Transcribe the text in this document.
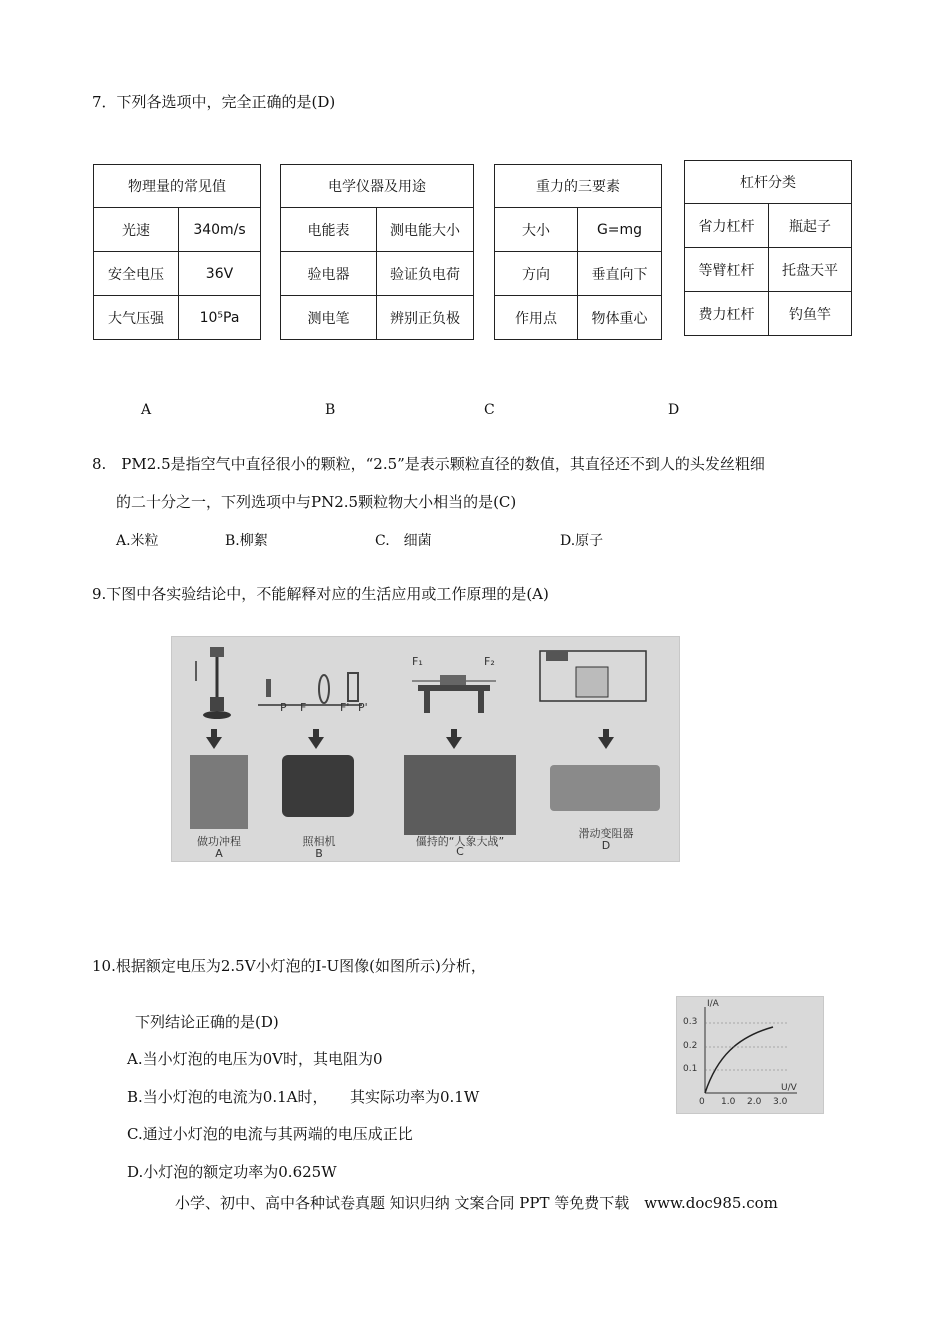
7．下列各选项中，完全正确的是(D)
物理量的常见值	
光速	340m/s
安全电压	36V
大气压强	10⁵Pa
电学仪器及用途	
电能表	测电能大小
验电器	验证负电荷
测电笔	辨别正负极
重力的三要素	
大小	G=mg
方向	垂直向下
作用点	物体重心
杠杆分类	
省力杠杆	瓶起子
等臂杠杆	托盘天平
费力杠杆	钓鱼竿
A	B	C	D
8.　PM2.5是指空气中直径很小的颗粒，“2.5”是表示颗粒直径的数值，其直径还不到人的头发丝粗细
的二十分之一，下列选项中与PN2.5颗粒物大小相当的是(C)
A.米粒	B.柳絮	C.　细菌	D.原子
9.下图中各实验结论中，不能解释对应的生活应用或工作原理的是(A)
P F	F' P'
F₁	F₂
做功冲程	照相机	僵持的“人象大战”
滑动变阻器
A	B	C	D
10.根据额定电压为2.5V小灯泡的I-U图像(如图所示)分析，
下列结论正确的是(D)
A.当小灯泡的电压为0V时，其电阻为0
B.当小灯泡的电流为0.1A时，　　其实际功率为0.1W
C.通过小灯泡的电流与其两端的电压成正比
D.小灯泡的额定功率为0.625W
I/A
U/V
0.3
0.2
0.1
0 1.0 2.0 3.0
小学、初中、高中各种试卷真题 知识归纳 文案合同 PPT 等免费下载　www.doc985.com
